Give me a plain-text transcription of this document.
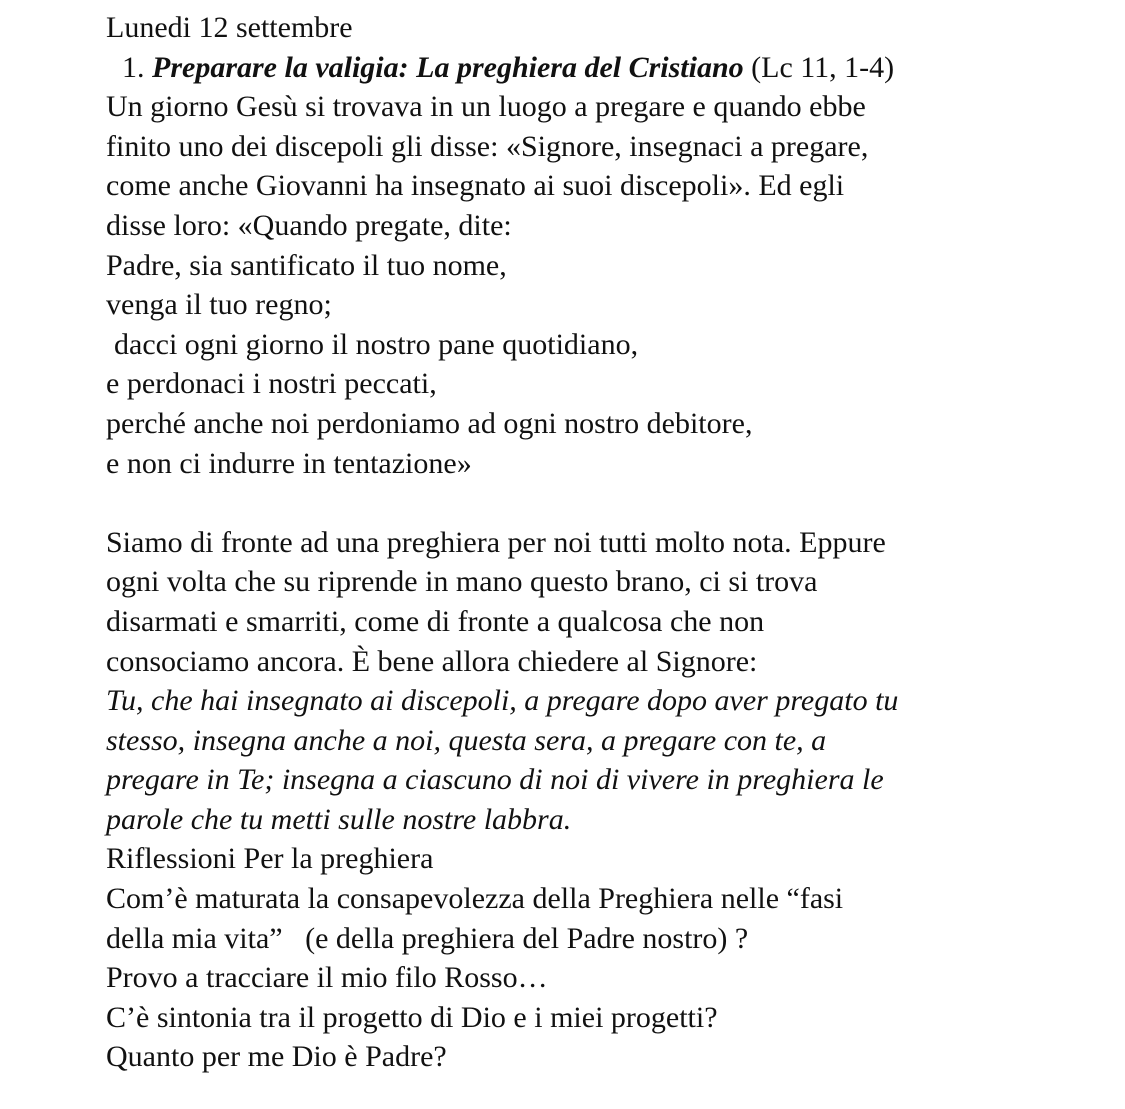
Lunedi 12 settembre
1. Preparare la valigia: La preghiera del Cristiano (Lc 11, 1-4)
Un giorno Gesù si trovava in un luogo a pregare e quando ebbe
finito uno dei discepoli gli disse: «Signore, insegnaci a pregare,
come anche Giovanni ha insegnato ai suoi discepoli». Ed egli
disse loro: «Quando pregate, dite:
Padre, sia santificato il tuo nome,
venga il tuo regno;
dacci ogni giorno il nostro pane quotidiano,
e perdonaci i nostri peccati,
perché anche noi perdoniamo ad ogni nostro debitore,
e non ci indurre in tentazione»
Siamo di fronte ad una preghiera per noi tutti molto nota. Eppure
ogni volta che su riprende in mano questo brano, ci si trova
disarmati e smarriti, come di fronte a qualcosa che non
consociamo ancora. È bene allora chiedere al Signore:
Tu, che hai insegnato ai discepoli, a pregare dopo aver pregato tu
stesso, insegna anche a noi, questa sera, a pregare con te, a
pregare in Te; insegna a ciascuno di noi di vivere in preghiera le
parole che tu metti sulle nostre labbra.
Riflessioni Per la preghiera
Com’è maturata la consapevolezza della Preghiera nelle “fasi
della mia vita”   (e della preghiera del Padre nostro) ?
Provo a tracciare il mio filo Rosso…
C’è sintonia tra il progetto di Dio e i miei progetti?
Quanto per me Dio è Padre?
